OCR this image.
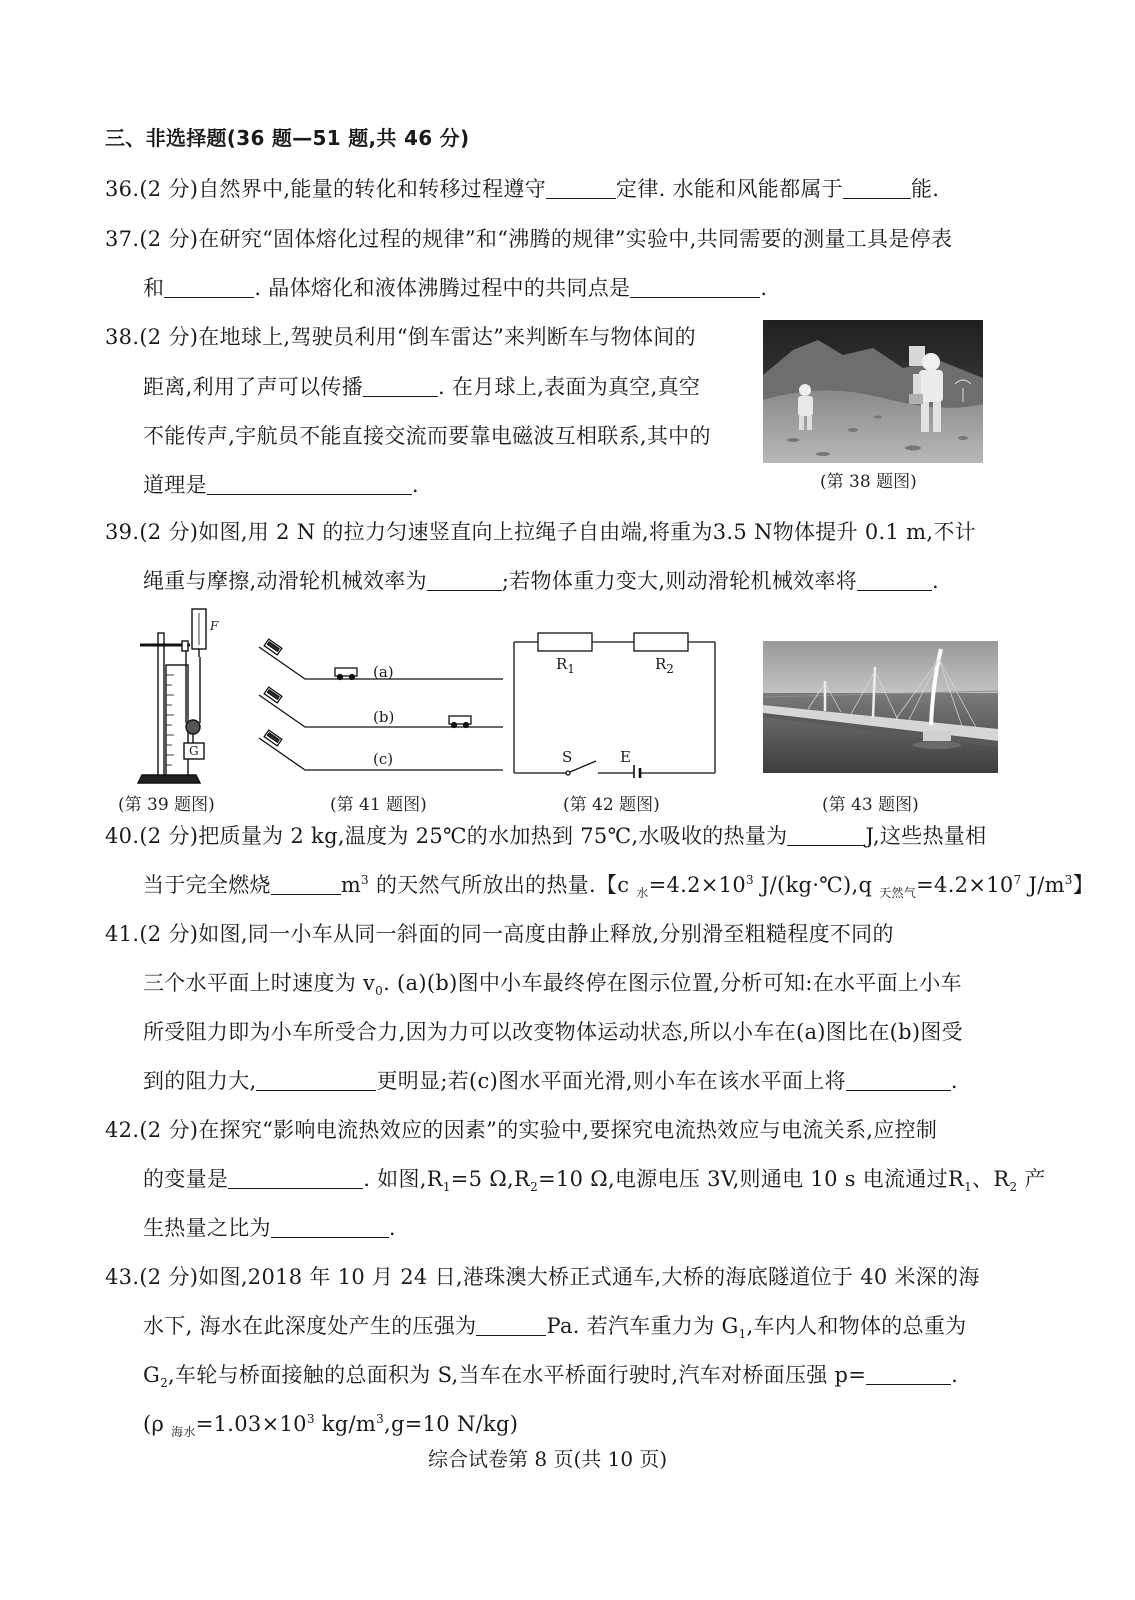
三、非选择题(36 题—51 题,共 46 分)
36.(2 分)自然界中,能量的转化和转移过程遵守	定律. 水能和风能都属于	能.
37.(2 分)在研究“固体熔化过程的规律”和“沸腾的规律”实验中,共同需要的测量工具是停表
和	. 晶体熔化和液体沸腾过程中的共同点是	.
38.(2 分)在地球上,驾驶员利用“倒车雷达”来判断车与物体间的
距离,利用了声可以传播	. 在月球上,表面为真空,真空
不能传声,宇航员不能直接交流而要靠电磁波互相联系,其中的
道理是	.	(第 38 题图)
39.(2 分)如图,用 2 N 的拉力匀速竖直向上拉绳子自由端,将重为3.5 N物体提升 0.1 m,不计
绳重与摩擦,动滑轮机械效率为	;若物体重力变大,则动滑轮机械效率将	.
F
G
(第 39 题图)
(a)
(b)
(c)
(第 41 题图)
$R_1$	$R_2$
S	E
(第 42 题图)	(第 43 题图)
40.(2 分)把质量为 2 kg,温度为 25℃的水加热到 75℃,水吸收的热量为	J,这些热量相
当于完全燃烧	$m^3$ 的天然气所放出的热量.【c $_水=4.2\times 10^3$ J/(kg·℃),q $_{天然气}=4.2\times 10^7$ $J/m^3$】
41.(2 分)如图,同一小车从同一斜面的同一高度由静止释放,分别滑至粗糙程度不同的
三个水平面上时速度为 $v_0$. (a)(b)图中小车最终停在图示位置,分析可知:在水平面上小车
所受阻力即为小车所受合力,因为力可以改变物体运动状态,所以小车在(a)图比在(b)图受
到的阻力大,	更明显;若(c)图水平面光滑,则小车在该水平面上将	.
42.(2 分)在探究“影响电流热效应的因素”的实验中,要探究电流热效应与电流关系,应控制
的变量是	. 如图$,R_1=5$ $\Omega,R_2=10$ Ω,电源电压 3V,则通电 10 s 电流通过$R_1$、$R_2$ 产
生热量之比为	.
43.(2 分)如图,2018 年 10 月 24 日,港珠澳大桥正式通车,大桥的海底隧道位于 40 米深的海
水下, 海水在此深度处产生的压强为	Pa. 若汽车重力为 $G_1$,车内人和物体的总重为
$G_2$,车轮与桥面接触的总面积为 S,当车在水平桥面行驶时,汽车对桥面压强 p=	.
(ρ $_{海水}=1.03\times 10^3$ $kg/m^3,g=10$ N/kg)
综合试卷第 8 页(共 10 页)
